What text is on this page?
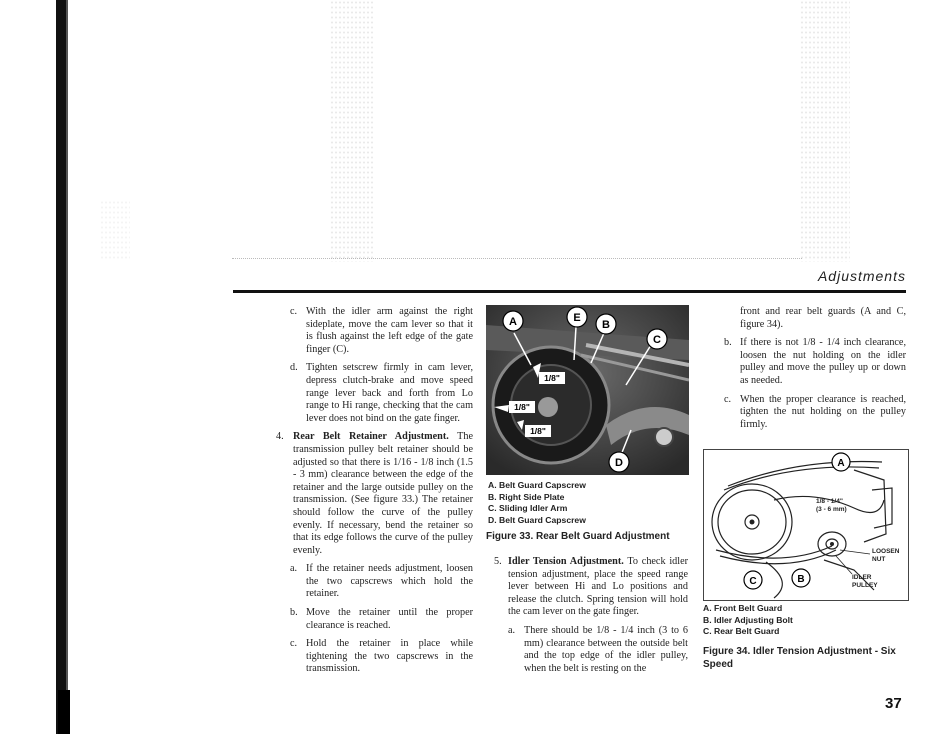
Adjustments
c. With the idler arm against the right sideplate, move the cam lever so that it is flush against the left edge of the gate finger (C).
d. Tighten setscrew firmly in cam lever, depress clutch-brake and move speed range lever back and forth from Lo range to Hi range, checking that the cam lever does not bind on the gate finger.
4. Rear Belt Retainer Adjustment. The transmission pulley belt retainer should be adjusted so that there is 1/16 - 1/8 inch (1.5 - 3 mm) clearance between the edge of the retainer and the large outside pulley on the transmission. (See figure 33.) The retainer should follow the curve of the pulley evenly. If necessary, bend the retainer so that its edge follows the curve of the pulley evenly.
a. If the retainer needs adjustment, loosen the two capscrews which hold the retainer.
b. Move the retainer until the proper clearance is reached.
c. Hold the retainer in place while tightening the two capscrews in the transmission.
1/8"
1/8"
1/8"
A	E
B
C
D
A. Belt Guard Capscrew
B. Right Side Plate
C. Sliding Idler Arm
D. Belt Guard Capscrew
Figure 33. Rear Belt Guard Adjustment
5. Idler Tension Adjustment. To check idler tension adjustment, place the speed range lever between Hi and Lo positions and release the clutch. Spring tension will hold the cam lever on the gate finger.
a. There should be 1/8 - 1/4 inch (3 to 6 mm) clearance between the outside belt and the top edge of the idler pulley, when the belt is resting on the
front and rear belt guards (A and C, figure 34).
b. If there is not 1/8 - 1/4 inch clearance, loosen the nut holding on the idler pulley and move the pulley up or down as needed.
c. When the proper clearance is reached, tighten the nut holding on the pulley firmly.
1/8 - 1/4"
(3 - 6 mm)
LOOSEN
NUT
IDLER
PULLEY
A
B
C
A. Front Belt Guard
B. Idler Adjusting Bolt
C. Rear Belt Guard
Figure 34. Idler Tension Adjustment - Six Speed
37
